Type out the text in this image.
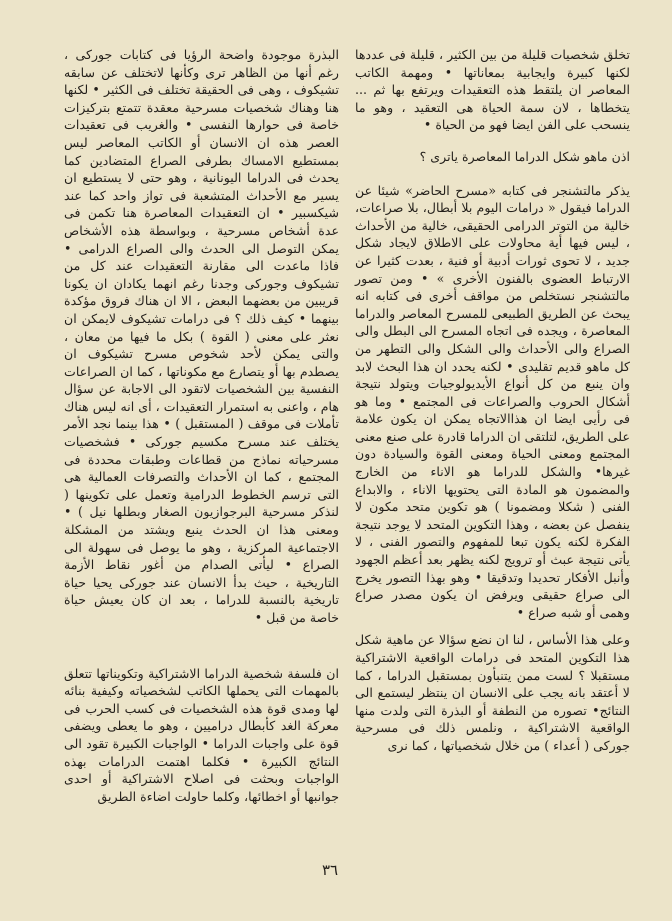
تخلق شخصيات قليلة من بين الكثير ، قليلة فى عددها لكنها كبيرة وايجابية بمعاناتها • ومهمة الكاتب المعاصر ان يلتقط هذه التعقيدات ويرتفع بها ثم ... يتخطاها ، لان سمة الحياة هى التعقيد ، وهو ما ينسحب على الفن ايضا فهو من الحياة •

اذن ماهو شكل الدراما المعاصرة ياترى ؟

يذكر مالتشنجر فى كتابه «مسرح الحاضر» شيئا عن الدراما فيقول « درامات اليوم بلا أبطال، بلا صراعات، خالية من التوتر الدرامى الحقيقى، خالية من الأحداث ، ليس فيها أية محاولات على الاطلاق لايجاد شكل جديد ، لا تحوى ثورات أدبية أو فنية ، بعدت كثيرا عن الارتباط العضوى بالفنون الأخرى » • ومن تصور مالتشنجر نستخلص من مواقف أخرى فى كتابه انه يبحث عن الطريق الطبيعى للمسرح المعاصر والدراما المعاصرة ، ويجده فى اتجاه المسرح الى البطل والى الصراع والى الأحداث والى الشكل والى التطهر من كل ماهو قديم تقليدى • لكنه يحدد ان هذا البحث لابد وان ينبع من كل أنواع الأيديولوجيات ويتولد نتيجة أشكال الحروب والصراعات فى المجتمع • وما هو فى رأيى ايضا ان هذاالاتجاه يمكن ان يكون علامة على الطريق، لتلتقى ان الدراما قادرة على صنع معنى المجتمع ومعنى الحياة ومعنى القوة والسيادة دون غيرها• والشكل للدراما هو الاناء من الخارج والمضمون هو المادة التى يحتويها الاناء ، والابداع الفنى ( شكلا ومضمونا ) هو تكوين متحد مكون لا ينفصل عن بعضه ، وهذا التكوين المتحد لا يوجد نتيجة الفكرة لكنه يكون تبعا للمفهوم والتصور الفنى ، لا يأتى نتيجة عبث أو ترويج لكنه يظهر بعد أعظم الجهود وأنبل الأفكار تحديدا وتدقيقا • وهو بهذا التصور يخرج الى صراع حقيقى ويرفض ان يكون مصدر صراع وهمى أو شبه صراع •

وعلى هذا الأساس ، لنا ان نضع سؤالا عن ماهية شكل هذا التكوين المتحد فى درامات الواقعية الاشتراكية مستقبلا ؟ لست ممن يتنبأون بمستقبل الدراما ، كما لا أعتقد بانه يجب على الانسان ان ينتظر ليستمع الى النتائج• تصوره من النطفة أو البذرة التى ولدت منها الواقعية الاشتراكية ، ونلمس ذلك فى مسرحية جوركى ( أعداء ) من خلال شخصياتها ، كما نرى

البذرة موجودة واضحة الرؤيا فى كتابات جوركى ، رغم أنها من الظاهر ترى وكأنها لاتختلف عن سابقه تشيكوف ، وهى فى الحقيقة تختلف فى الكثير • لكنها هنا وهناك شخصيات مسرحية معقدة تتمتع بتركيزات خاصة فى حوارها النفسى • والغريب فى تعقيدات العصر هذه ان الانسان أو الكاتب المعاصر ليس بمستطيع الامساك بطرفى الصراع المتضادين كما يحدث فى الدراما اليونانية ، وهو حتى لا يستطيع ان يسير مع الأحداث المتشعبة فى تواز واحد كما عند شيكسبير • ان التعقيدات المعاصرة هنا تكمن فى عدة أشخاص مسرحية ، وبواسطة هذه الأشخاص يمكن التوصل الى الحدث والى الصراع الدرامى • فاذا ماعدت الى مقارنة التعقيدات عند كل من تشيكوف وجوركى وجدنا رغم انهما يكادان ان يكونا قريبين من بعضهما البعض ، الا ان هناك فروق مؤكدة بينهما • كيف ذلك ؟ فى درامات تشيكوف لايمكن ان نعثر على معنى ( القوة ) بكل ما فيها من معان ، والتى يمكن لأحد شخوص مسرح تشيكوف ان يصطدم بها أو يتصارع مع مكوناتها ، كما ان الصراعات النفسية بين الشخصيات لاتقود الى الاجابة عن سؤال هام ، واعنى به استمرار التعقيدات ، أى انه ليس هناك تأملات فى موقف ( المستقبل ) • هذا بينما نجد الأمر يختلف عند مسرح مكسيم جوركى • فشخصيات مسرحياته نماذج من قطاعات وطبقات محددة فى المجتمع ، كما ان الأحداث والتصرفات العمالية هى التى ترسم الخطوط الدرامية وتعمل على تكوينها ( لنذكر مسرحية البرجوازيون الصغار وبطلها نيل ) • ومعنى هذا ان الحدث ينبع ويشتد من المشكلة الاجتماعية المركزية ، وهو ما يوصل فى سهولة الى الصراع • ليأتى الصدام من أغور نقاط الأزمة التاريخية ، حيث بدأ الانسان عند جوركى يحيا حياة تاريخية بالنسبة للدراما ، بعد ان كان يعيش حياة خاصة من قبل •

ان فلسفة شخصية الدراما الاشتراكية وتكويناتها تتعلق بالمهمات التى يحملها الكاتب لشخصياته وكيفية بنائه لها ومدى قوة هذه الشخصيات فى كسب الحرب فى معركة الغد كأبطال دراميين ، وهو ما يعطى ويضفى قوة على واجبات الدراما • الواجبات الكبيرة تقود الى النتائج الكبيرة • فكلما اهتمت الدرامات بهذه الواجبات وبحثت فى اصلاح الاشتراكية أو احدى جوانبها أو اخطائها، وكلما حاولت اضاءة الطريق

٣٦
